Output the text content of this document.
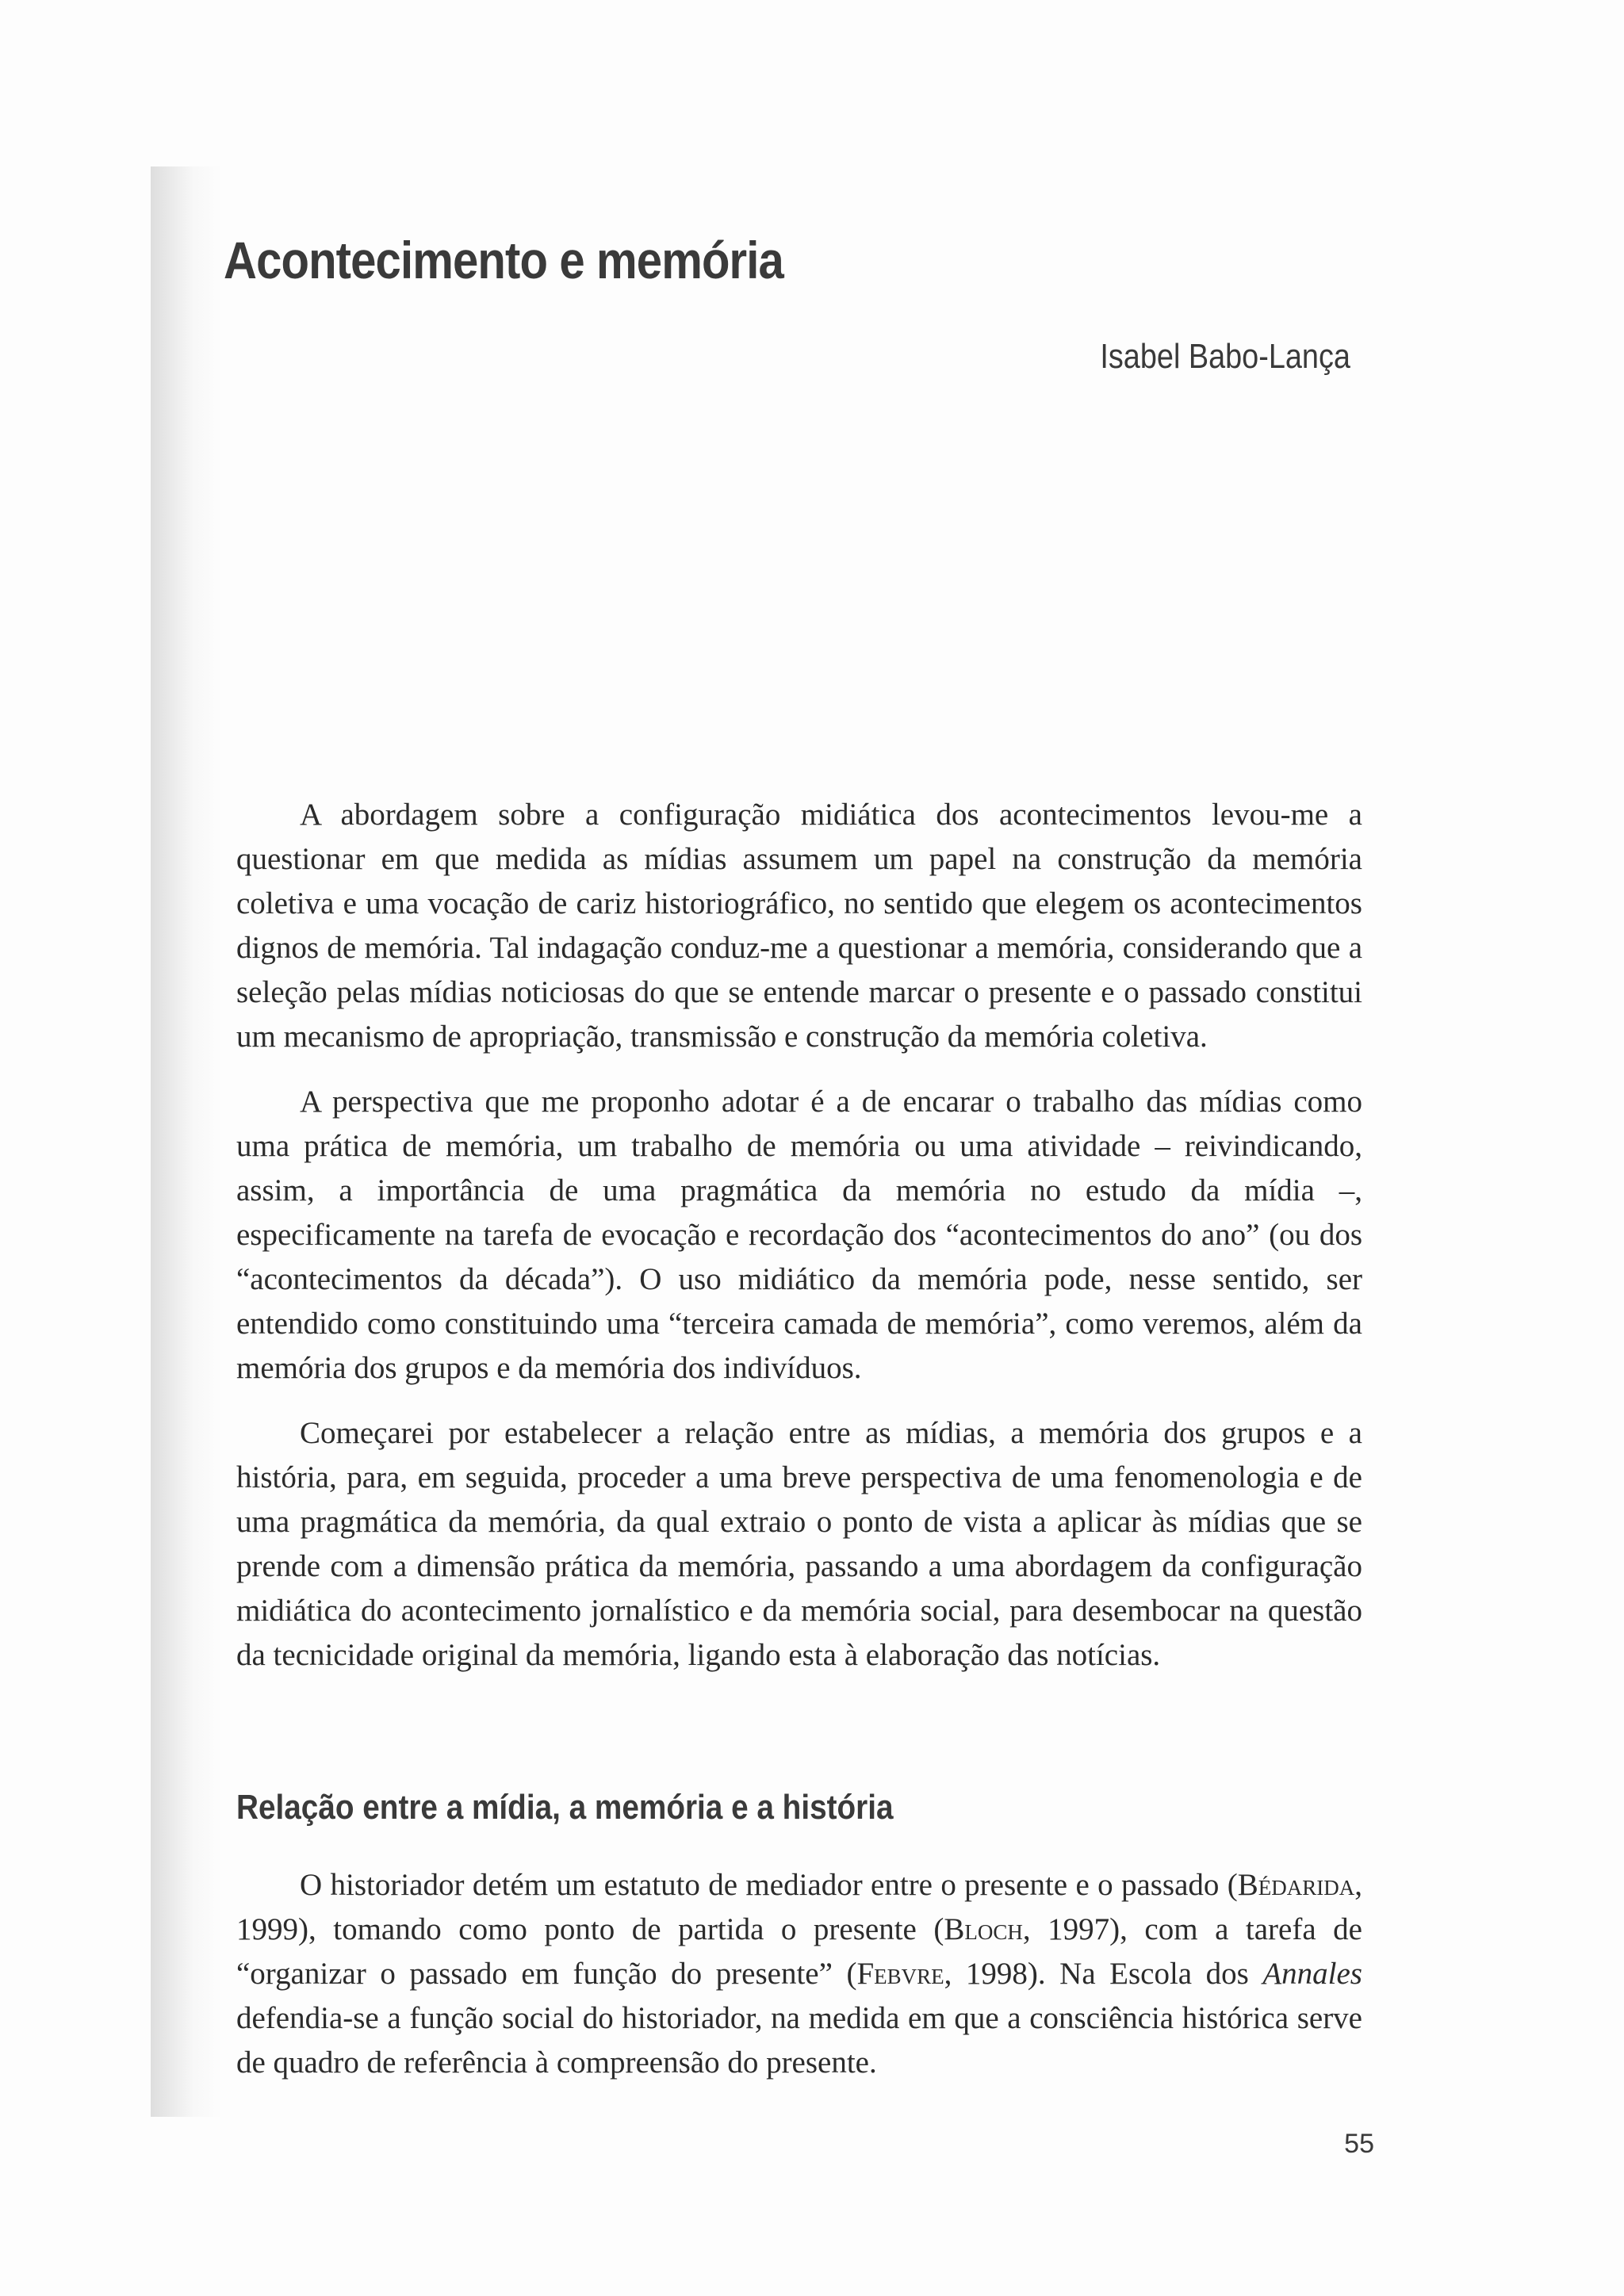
Acontecimento e memória

Isabel Babo-Lança

A abordagem sobre a configuração midiática dos acontecimentos levou-me a questionar em que medida as mídias assumem um papel na construção da memória coletiva e uma vocação de cariz historiográfico, no sentido que elegem os acontecimentos dignos de memória. Tal indagação conduz-me a questionar a memória, considerando que a seleção pelas mídias noticiosas do que se entende marcar o presente e o passado constitui um mecanismo de apropriação, transmissão e construção da memória coletiva.

A perspectiva que me proponho adotar é a de encarar o trabalho das mídias como uma prática de memória, um trabalho de memória ou uma atividade – reivindicando, assim, a importância de uma pragmática da memória no estudo da mídia –, especificamente na tarefa de evocação e recordação dos “acontecimentos do ano” (ou dos “acontecimentos da década”). O uso midiático da memória pode, nesse sentido, ser entendido como constituindo uma “terceira camada de memória”, como veremos, além da memória dos grupos e da memória dos indivíduos.

Começarei por estabelecer a relação entre as mídias, a memória dos grupos e a história, para, em seguida, proceder a uma breve perspectiva de uma fenomenologia e de uma pragmática da memória, da qual extraio o ponto de vista a aplicar às mídias que se prende com a dimensão prática da memória, passando a uma abordagem da configuração midiática do acontecimento jornalístico e da memória social, para desembocar na questão da tecnicidade original da memória, ligando esta à elaboração das notícias.

Relação entre a mídia, a memória e a história

O historiador detém um estatuto de mediador entre o presente e o passado (Bédarida, 1999), tomando como ponto de partida o presente (Bloch, 1997), com a tarefa de “organizar o passado em função do presente” (Febvre, 1998). Na Escola dos Annales defendia-se a função social do historiador, na medida em que a consciência histórica serve de quadro de referência à compreensão do presente.

55
